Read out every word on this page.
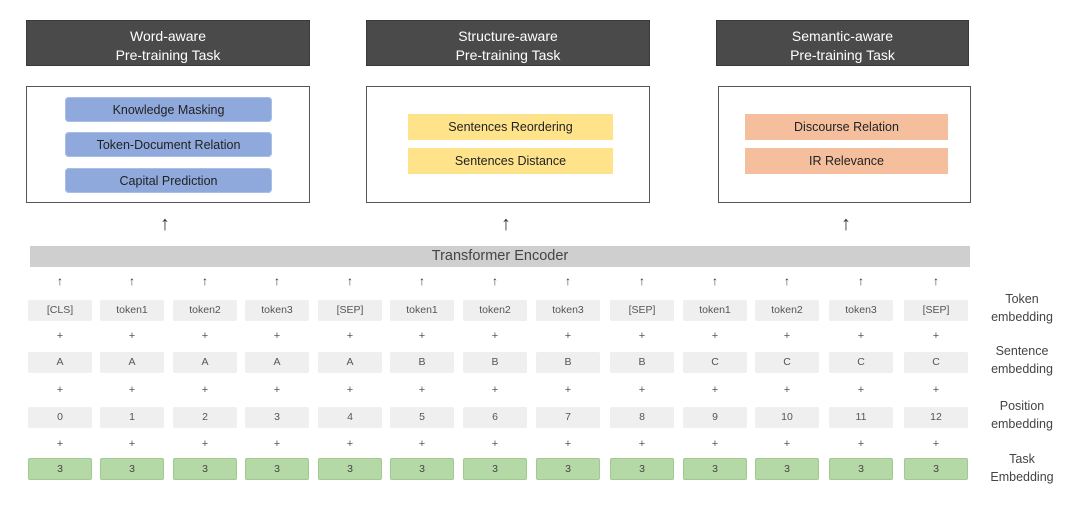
Word-aware
Pre-training Task
Structure-aware
Pre-training Task
Semantic-aware
Pre-training Task
Knowledge Masking
Token-Document Relation
Capital Prediction
Sentences Reordering
Sentences Distance
Discourse Relation
IR Relevance
↑	↑	↑
Transformer Encoder
↑
[CLS]
A
0
3
+
+
+
↑
token1
A
1
3
+
+
+
↑
token2
A
2
3
+
+
+
↑
token3
A
3
3
+
+
+
↑
[SEP]
A
4
3
+
+
+
↑
token1
B
5
3
+
+
+
↑
token2
B
6
3
+
+
+
↑
token3
B
7
3
+
+
+
↑
[SEP]
B
8
3
+
+
+
↑
token1
C
9
3
+
+
+
↑
token2
C
10
3
+
+
+
↑
token3
C
11
3
+
+
+
↑
[SEP]
C
12
3
+
+
+
Token
embedding
Sentence
embedding
Position
embedding
Task
Embedding
